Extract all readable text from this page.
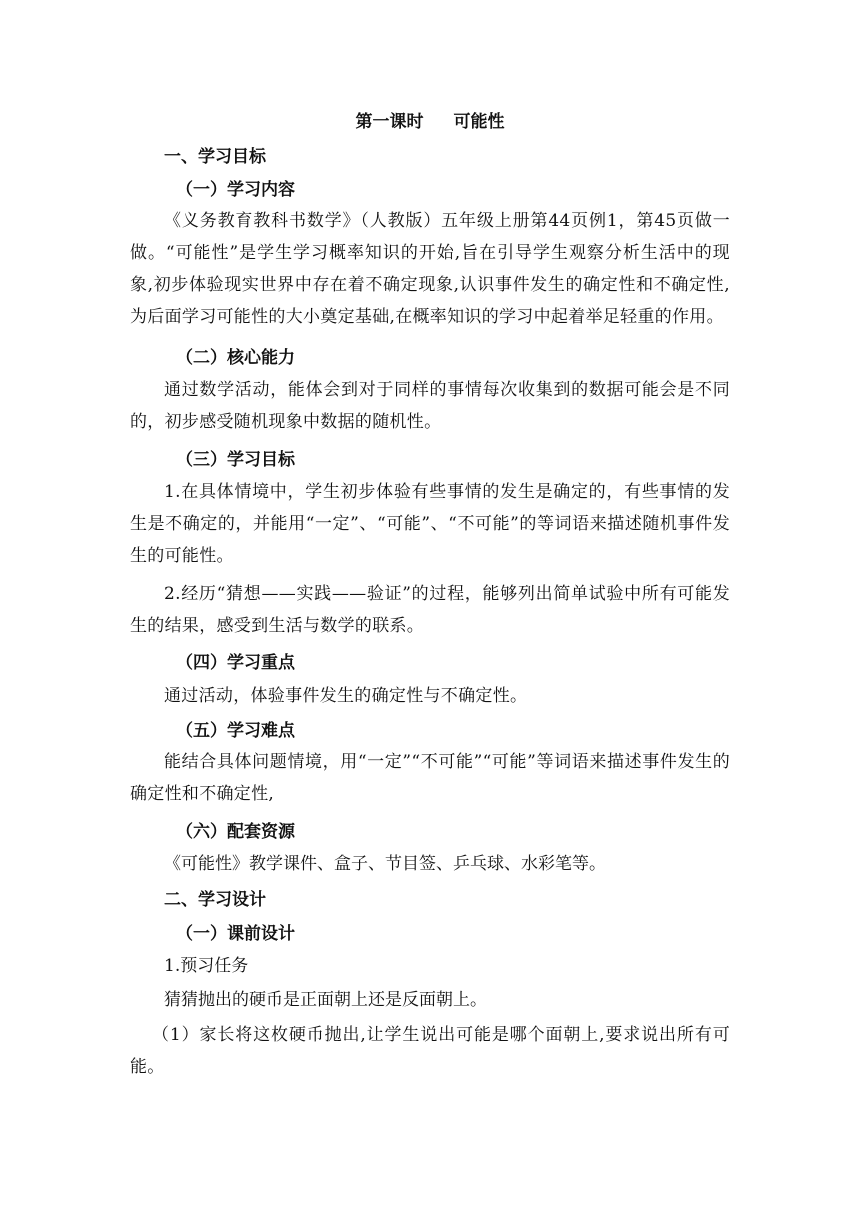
第一课时 可能性
一、学习目标
（一）学习内容
《义务教育教科书数学》（人教版）五年级上册第44页例1，第45页做一做。“可能性”是学生学习概率知识的开始,旨在引导学生观察分析生活中的现象,初步体验现实世界中存在着不确定现象,认识事件发生的确定性和不确定性,为后面学习可能性的大小奠定基础,在概率知识的学习中起着举足轻重的作用。
（二）核心能力
通过数学活动，能体会到对于同样的事情每次收集到的数据可能会是不同的，初步感受随机现象中数据的随机性。
（三）学习目标
1.在具体情境中，学生初步体验有些事情的发生是确定的，有些事情的发生是不确定的，并能用“一定”、“可能”、“不可能”的等词语来描述随机事件发生的可能性。
2.经历“猜想——实践——验证”的过程，能够列出简单试验中所有可能发生的结果，感受到生活与数学的联系。
（四）学习重点
通过活动，体验事件发生的确定性与不确定性。
（五）学习难点
能结合具体问题情境，用“一定”“不可能”“可能”等词语来描述事件发生的确定性和不确定性,
（六）配套资源
《可能性》教学课件、盒子、节目签、乒乓球、水彩笔等。
二、学习设计
（一）课前设计
1.预习任务
猜猜抛出的硬币是正面朝上还是反面朝上。
（1）家长将这枚硬币抛出,让学生说出可能是哪个面朝上,要求说出所有可能。
